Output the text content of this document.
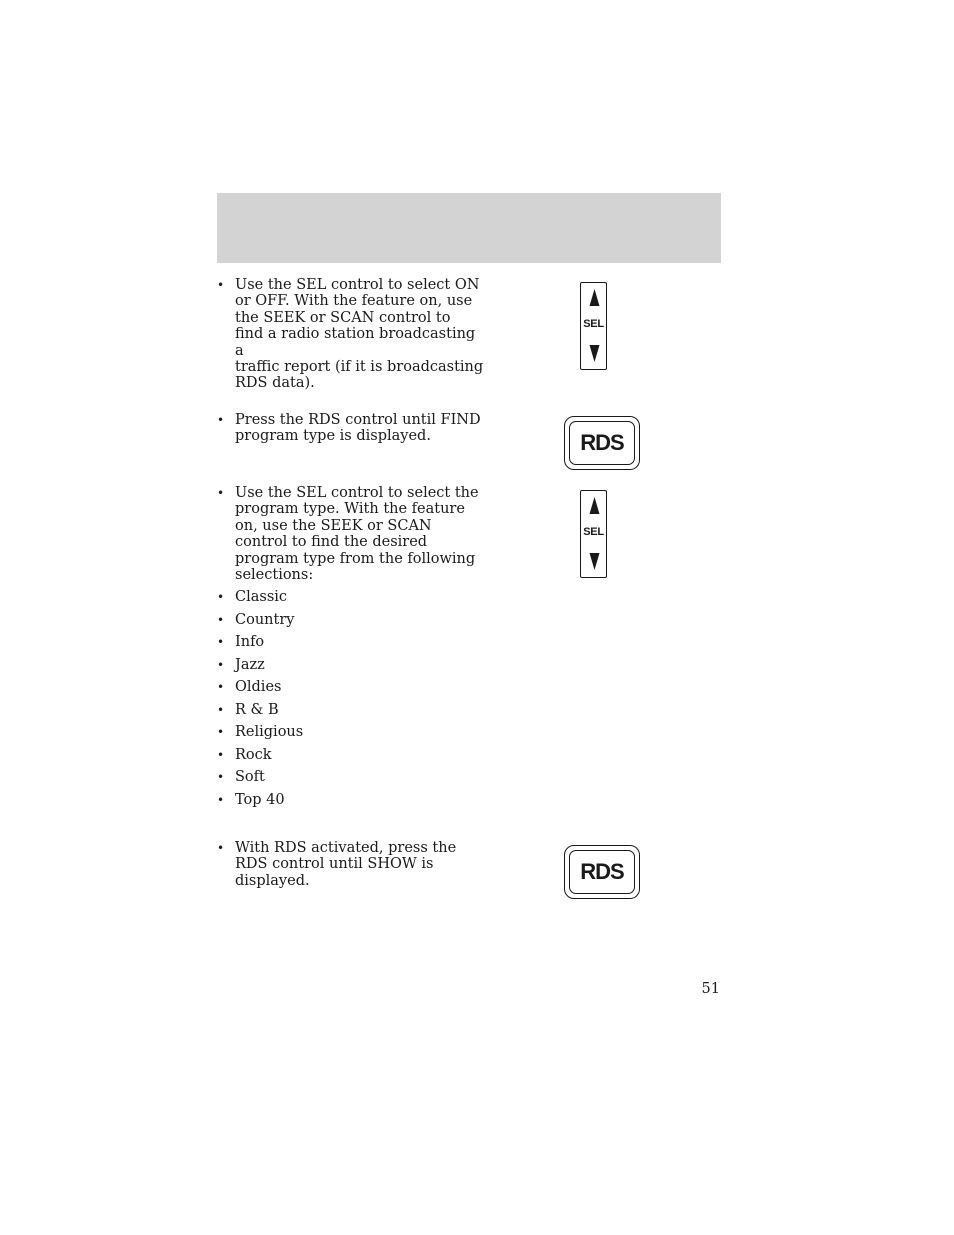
• Use the SEL control to select ON
or OFF. With the feature on, use
the SEEK or SCAN control to
find a radio station broadcasting a
traffic report (if it is broadcasting
RDS data).
SEL
• Press the RDS control until FIND
program type is displayed.	RDS
• Use the SEL control to select the
program type. With the feature
on, use the SEEK or SCAN
control to find the desired
program type from the following
selections:
SEL
• Classic
• Country
• Info
• Jazz
• Oldies
• R & B
• Religious
• Rock
• Soft
• Top 40
• With RDS activated, press the
RDS control until SHOW is
displayed.	RDS
51
